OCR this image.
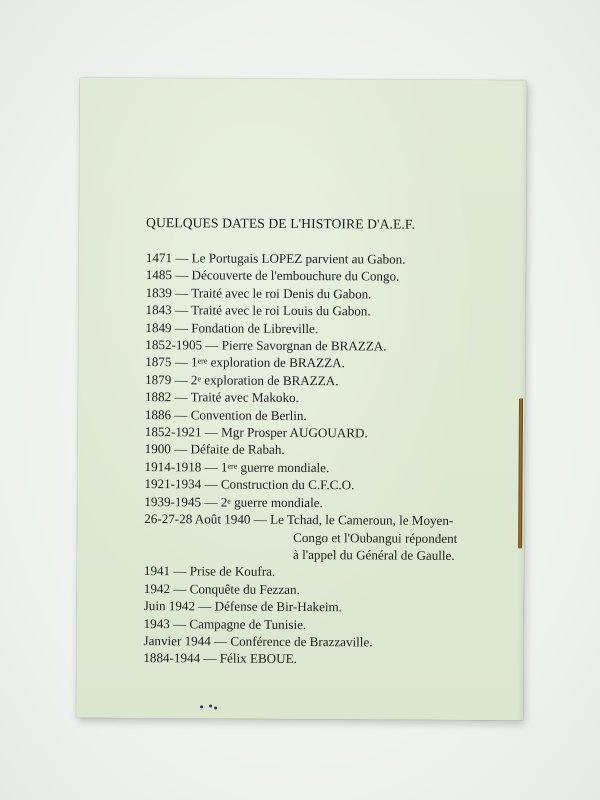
QUELQUES DATES DE L'HISTOIRE D'A.E.F.
1471 — Le Portugais LOPEZ parvient au Gabon.
1485 — Découverte de l'embouchure du Congo.
1839 — Traité avec le roi Denis du Gabon.
1843 — Traité avec le roi Louis du Gabon.
1849 — Fondation de Libreville.
1852-1905 — Pierre Savorgnan de BRAZZA.
1875 — 1ere exploration de BRAZZA.
1879 — 2e exploration de BRAZZA.
1882 — Traité avec Makoko.
1886 — Convention de Berlin.
1852-1921 — Mgr Prosper AUGOUARD.
1900 — Défaite de Rabah.
1914-1918 — 1ere guerre mondiale.
1921-1934 — Construction du C.F.C.O.
1939-1945 — 2e guerre mondiale.
26-27-28 Août 1940 — Le Tchad, le Cameroun, le Moyen-
Congo et l'Oubangui répondent
à l'appel du Général de Gaulle.
1941 — Prise de Koufra.
1942 — Conquête du Fezzan.
Juin 1942 — Défense de Bir-Hakeim.
1943 — Campagne de Tunisie.
Janvier 1944 — Conférence de Brazzaville.
1884-1944 — Félix EBOUE.
